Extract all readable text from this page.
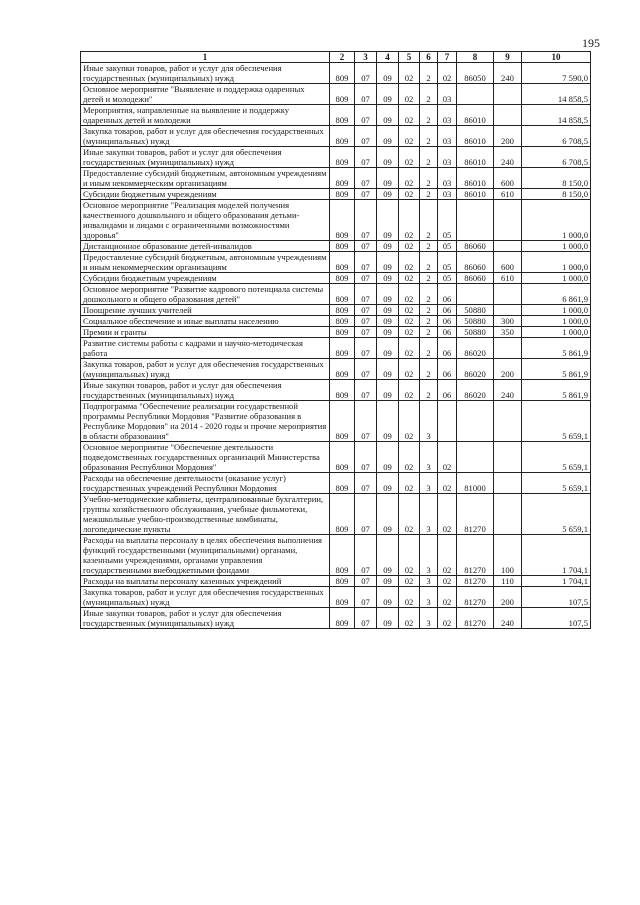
195
1	2	3	4	5	6	7	8	9	10
Иные закупки товаров, работ и услуг для обеспечения государственных (муниципальных) нужд	809	07	09	02	2	02	86050	240	7 590,0
Основное мероприятие "Выявление и поддержка одаренных детей и молодежи"	809	07	09	02	2	03			14 858,5
Мероприятия, направленные на выявление и поддержку одаренных детей и молодежи	809	07	09	02	2	03	86010		14 858,5
Закупка товаров, работ и услуг для обеспечения государственных (муниципальных) нужд	809	07	09	02	2	03	86010	200	6 708,5
Иные закупки товаров, работ и услуг для обеспечения государственных (муниципальных) нужд	809	07	09	02	2	03	86010	240	6 708,5
Предоставление субсидий бюджетным, автономным учреждениям и иным некоммерческим организациям	809	07	09	02	2	03	86010	600	8 150,0
Субсидии бюджетным учреждениям	809	07	09	02	2	03	86010	610	8 150,0
Основное мероприятие "Реализация моделей получения качественного дошкольного и общего образования детьми-инвалидами и лицами с ограниченными возможностями здоровья"	809	07	09	02	2	05			1 000,0
Дистанционное образование детей-инвалидов	809	07	09	02	2	05	86060		1 000,0
Предоставление субсидий бюджетным, автономным учреждениям и иным некоммерческим организациям	809	07	09	02	2	05	86060	600	1 000,0
Субсидии бюджетным учреждениям	809	07	09	02	2	05	86060	610	1 000,0
Основное мероприятие "Развитие кадрового потенциала системы дошкольного и общего образования детей"	809	07	09	02	2	06			6 861,9
Поощрение лучших учителей	809	07	09	02	2	06	50880		1 000,0
Социальное обеспечение и иные выплаты населению	809	07	09	02	2	06	50880	300	1 000,0
Премии и гранты	809	07	09	02	2	06	50880	350	1 000,0
Развитие системы работы с кадрами и научно-методическая работа	809	07	09	02	2	06	86020		5 861,9
Закупка товаров, работ и услуг для обеспечения государственных (муниципальных) нужд	809	07	09	02	2	06	86020	200	5 861,9
Иные закупки товаров, работ и услуг для обеспечения государственных (муниципальных) нужд	809	07	09	02	2	06	86020	240	5 861,9
Подпрограмма "Обеспечение реализации государственной программы Республики Мордовия "Развитие образования в Республике Мордовия" на 2014 - 2020 годы и прочие мероприятия в области образования"	809	07	09	02	3				5 659,1
Основное мероприятие "Обеспечение деятельности подведомственных государственных организаций Министерства образования Республики Мордовия"	809	07	09	02	3	02			5 659,1
Расходы на обеспечение деятельности (оказание услуг) государственных учреждений Республики Мордовия	809	07	09	02	3	02	81000		5 659,1
Учебно-методические кабинеты, централизованные бухгалтерии, группы хозяйственного обслуживания, учебные фильмотеки, межшкольные учебно-производственные комбинаты, логопедические пункты	809	07	09	02	3	02	81270		5 659,1
Расходы на выплаты персоналу в целях обеспечения выполнения функций государственными (муниципальными) органами, казенными учреждениями, органами управления государственными внебюджетными фондами	809	07	09	02	3	02	81270	100	1 704,1
Расходы на выплаты персоналу казенных учреждений	809	07	09	02	3	02	81270	110	1 704,1
Закупка товаров, работ и услуг для обеспечения государственных (муниципальных) нужд	809	07	09	02	3	02	81270	200	107,5
Иные закупки товаров, работ и услуг для обеспечения государственных (муниципальных) нужд	809	07	09	02	3	02	81270	240	107,5
